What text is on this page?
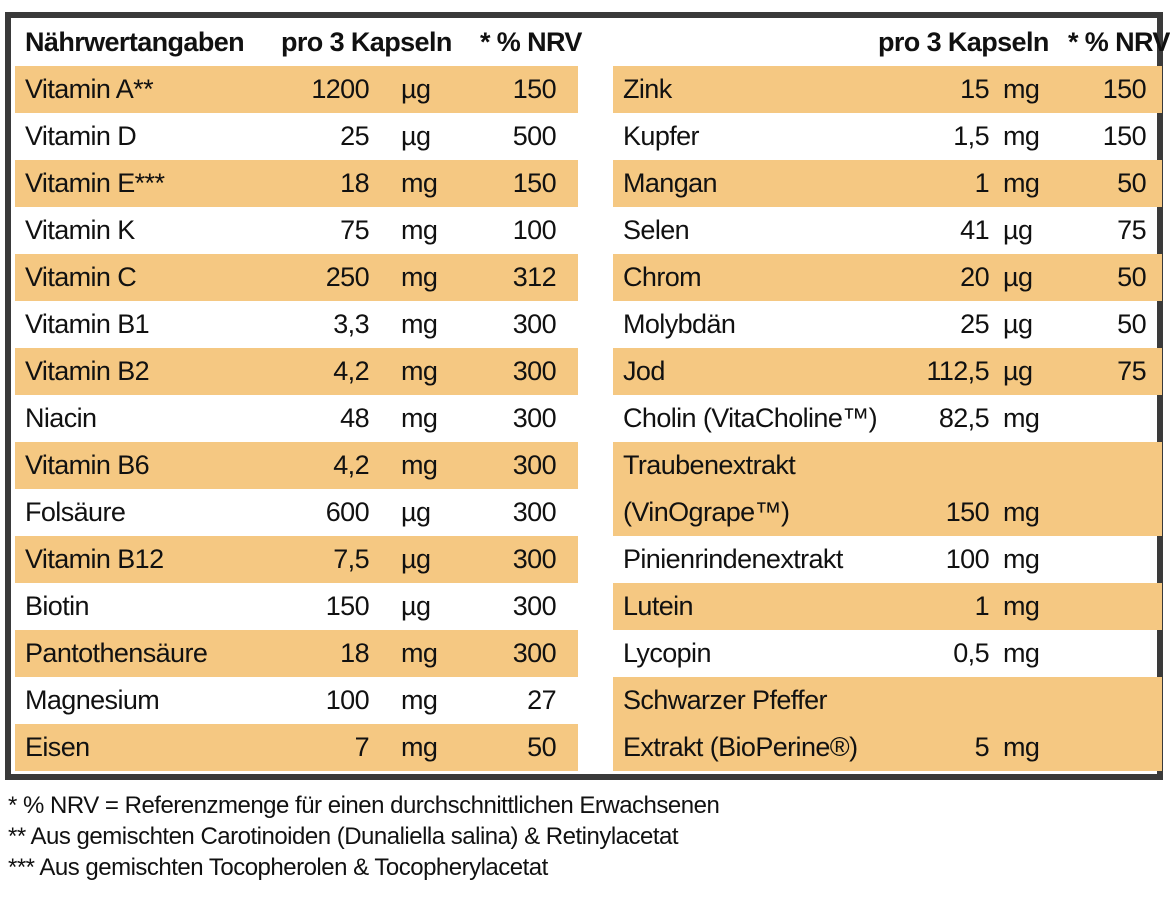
Nährwertangaben pro 3 Kapseln * % NRV
Vitamin A**	1200 µg	150
Vitamin D	25 µg	500
Vitamin E***	18 mg	150
Vitamin K	75 mg	100
Vitamin C	250 mg	312
Vitamin B1	3,3 mg	300
Vitamin B2	4,2 mg	300
Niacin	48 mg	300
Vitamin B6	4,2 mg	300
Folsäure	600 µg	300
Vitamin B12	7,5 µg	300
Biotin	150 µg	300
Pantothensäure	18 mg	300
Magnesium	100 mg	27
Eisen	7 mg	50
pro 3 Kapseln * % NRV
Zink	15 mg 150
Kupfer	1,5 mg 150
Mangan	1 mg	50
Selen	41 µg	75
Chrom	20 µg	50
Molybdän	25 µg	50
Jod	112,5 µg	75
Cholin (VitaCholine™) 82,5 mg
Traubenextrakt
(VinOgrape™)	150 mg
Pinienrindenextrakt	100 mg
Lutein	1 mg
Lycopin	0,5 mg
Schwarzer Pfeffer
Extrakt (BioPerine®)	5 mg
* % NRV = Referenzmenge für einen durchschnittlichen Erwachsenen
** Aus gemischten Carotinoiden (Dunaliella salina) & Retinylacetat
*** Aus gemischten Tocopherolen & Tocopherylacetat
